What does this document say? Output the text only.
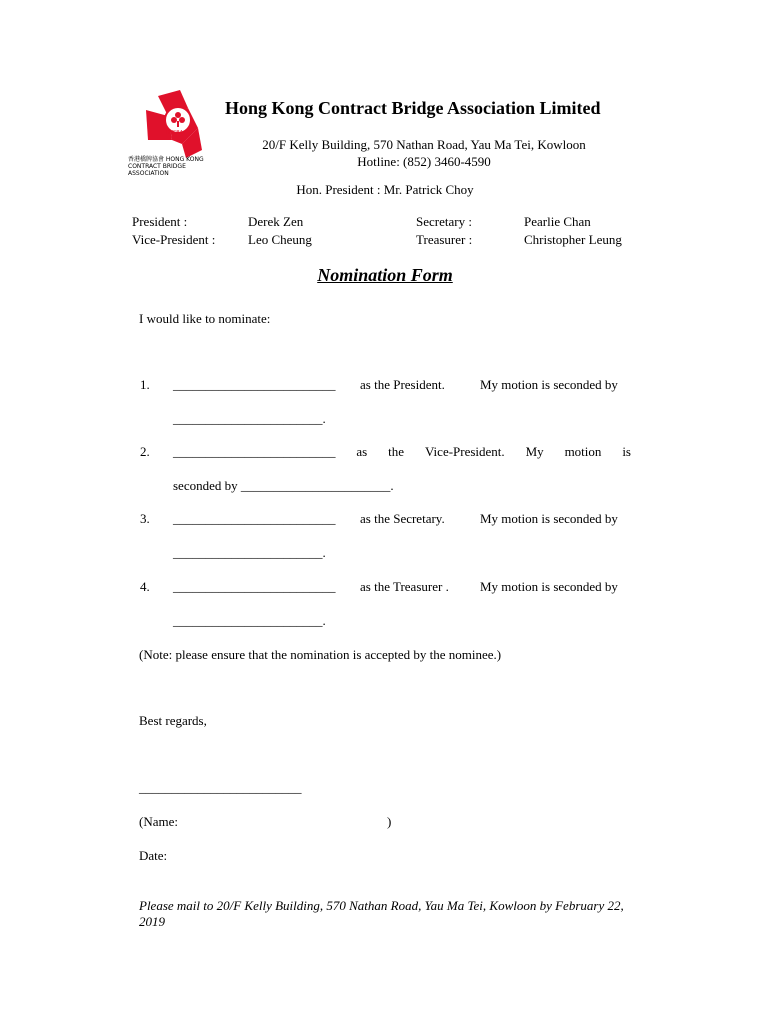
香港橋牌協會 HONG KONG CONTRACT BRIDGE ASSOCIATION
HKCBA
Hong Kong Contract Bridge Association Limited
20/F Kelly Building, 570 Nathan Road, Yau Ma Tei, Kowloon
Hotline: (852) 3460-4590
Hon. President : Mr. Patrick Choy
President :	Derek Zen	Secretary :	Pearlie Chan
Vice-President :	Leo Cheung	Treasurer :	Christopher Leung
Nomination Form
I would like to nominate:
1. _________________________ as the President.	My motion is seconded by
_______________________.
2. _________________________ as the Vice-President. My motion is
seconded by _______________________.
3. _________________________ as the Secretary.	My motion is seconded by
_______________________.
4. _________________________ as the Treasurer . My motion is seconded by
_______________________.
(Note: please ensure that the nomination is accepted by the nominee.)
Best regards,
_________________________
(Name:	)
Date:
Please mail to 20/F Kelly Building, 570 Nathan Road, Yau Ma Tei, Kowloon by February 22, 2019
